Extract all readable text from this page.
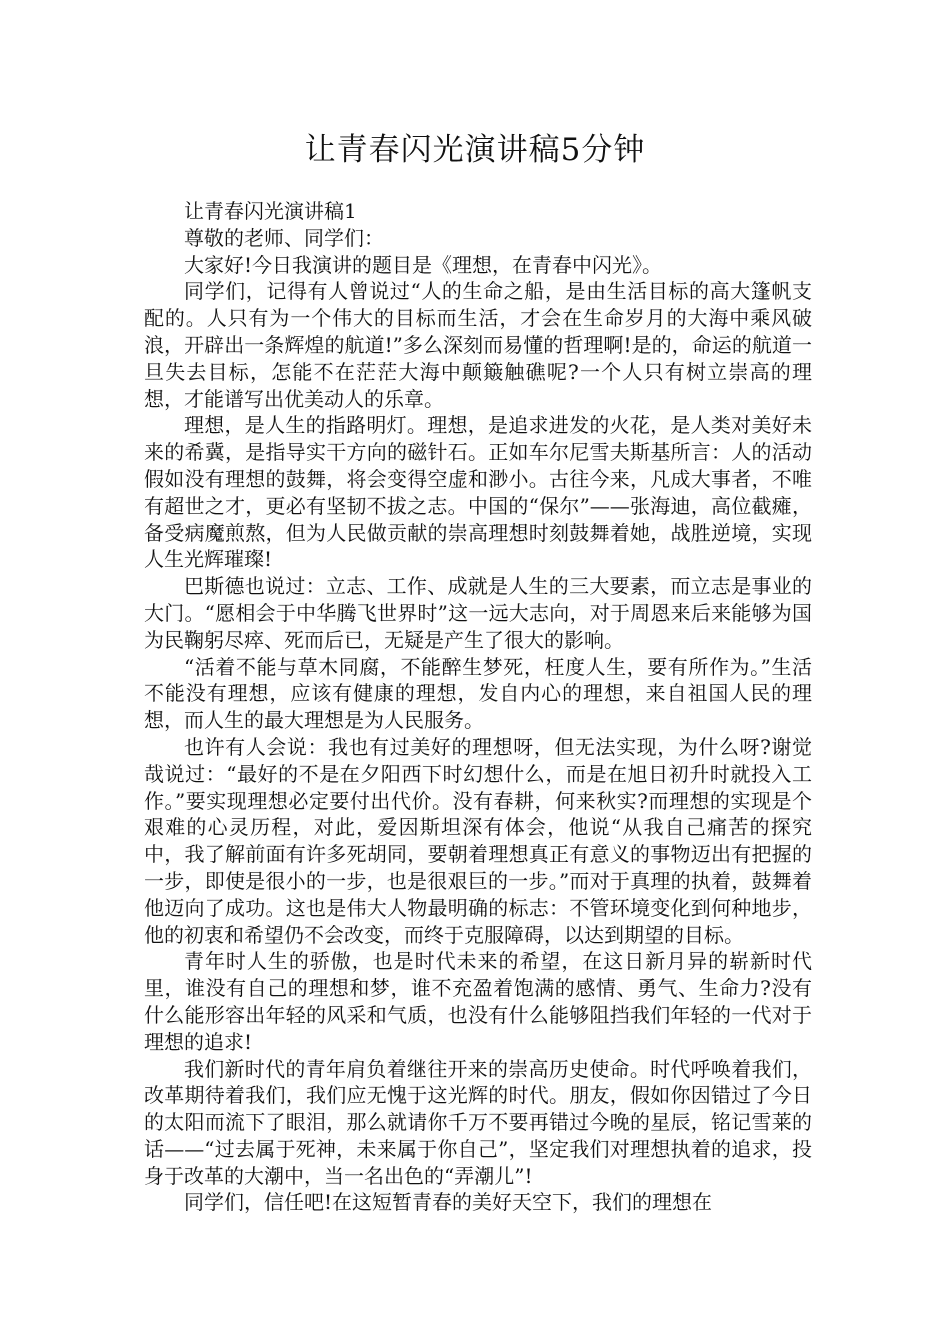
让青春闪光演讲稿5分钟

让青春闪光演讲稿1

尊敬的老师、同学们：

大家好!今日我演讲的题目是《理想，在青春中闪光》。

同学们，记得有人曾说过“人的生命之船，是由生活目标的高大篷帆支配的。人只有为一个伟大的目标而生活，才会在生命岁月的大海中乘风破浪，开辟出一条辉煌的航道!”多么深刻而易懂的哲理啊!是的，命运的航道一旦失去目标，怎能不在茫茫大海中颠簸触礁呢?一个人只有树立崇高的理想，才能谱写出优美动人的乐章。

理想，是人生的指路明灯。理想，是追求进发的火花，是人类对美好未来的希冀，是指导实干方向的磁针石。正如车尔尼雪夫斯基所言：人的活动假如没有理想的鼓舞，将会变得空虚和渺小。古往今来，凡成大事者，不唯有超世之才，更必有坚韧不拔之志。中国的“保尔”——张海迪，高位截瘫，备受病魔煎熬，但为人民做贡献的崇高理想时刻鼓舞着她，战胜逆境，实现人生光辉璀璨!

巴斯德也说过：立志、工作、成就是人生的三大要素，而立志是事业的大门。“愿相会于中华腾飞世界时”这一远大志向，对于周恩来后来能够为国为民鞠躬尽瘁、死而后已，无疑是产生了很大的影响。

“活着不能与草木同腐，不能醉生梦死，枉度人生，要有所作为。”生活不能没有理想，应该有健康的理想，发自内心的理想，来自祖国人民的理想，而人生的最大理想是为人民服务。

也许有人会说：我也有过美好的理想呀，但无法实现，为什么呀?谢觉哉说过：“最好的不是在夕阳西下时幻想什么，而是在旭日初升时就投入工作。”要实现理想必定要付出代价。没有春耕，何来秋实?而理想的实现是个艰难的心灵历程，对此，爱因斯坦深有体会，他说“从我自己痛苦的探究中，我了解前面有许多死胡同，要朝着理想真正有意义的事物迈出有把握的一步，即使是很小的一步，也是很艰巨的一步。”而对于真理的执着，鼓舞着他迈向了成功。这也是伟大人物最明确的标志：不管环境变化到何种地步，他的初衷和希望仍不会改变，而终于克服障碍，以达到期望的目标。

青年时人生的骄傲，也是时代未来的希望，在这日新月异的崭新时代里，谁没有自己的理想和梦，谁不充盈着饱满的感情、勇气、生命力?没有什么能形容出年轻的风采和气质，也没有什么能够阻挡我们年轻的一代对于理想的追求!

我们新时代的青年肩负着继往开来的崇高历史使命。时代呼唤着我们，改革期待着我们，我们应无愧于这光辉的时代。朋友，假如你因错过了今日的太阳而流下了眼泪，那么就请你千万不要再错过今晚的星辰，铭记雪莱的话——“过去属于死神，未来属于你自己”，坚定我们对理想执着的追求，投身于改革的大潮中，当一名出色的“弄潮儿”!

同学们，信任吧!在这短暂青春的美好天空下，我们的理想在
